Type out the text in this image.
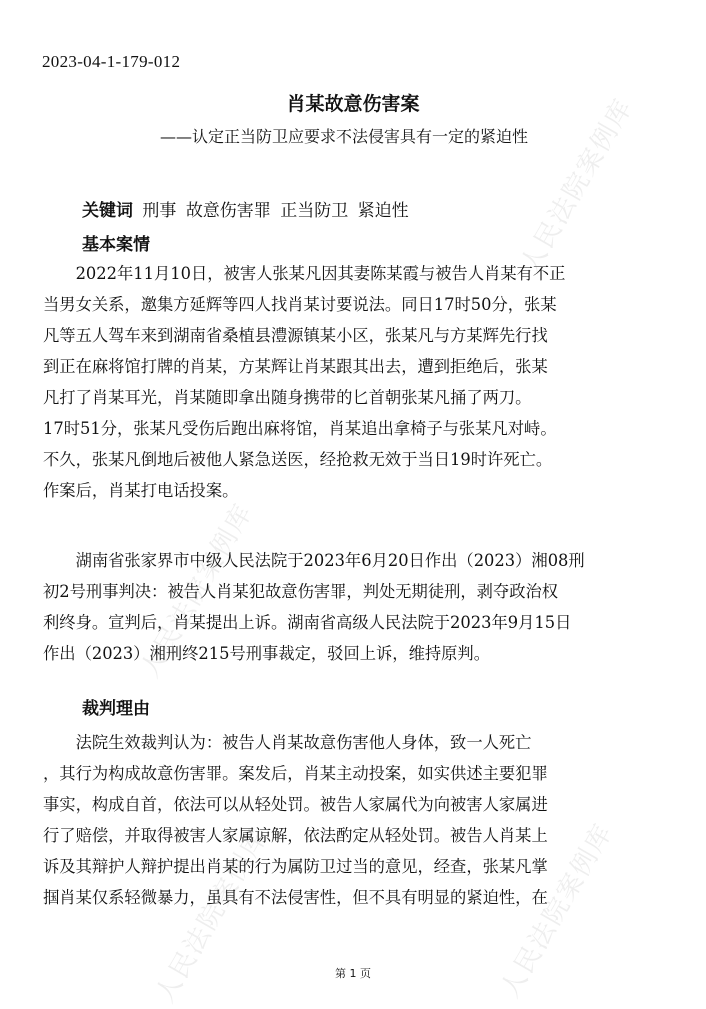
人民法院案例库
人民法院案例库
人民法院案例库
人民法院案例库
2023-04-1-179-012
肖某故意伤害案
——认定正当防卫应要求不法侵害具有一定的紧迫性
关键词 刑事 故意伤害罪 正当防卫 紧迫性
基本案情
　　2022年11月10日，被害人张某凡因其妻陈某霞与被告人肖某有不正
当男女关系，邀集方延辉等四人找肖某讨要说法。同日17时50分，张某
凡等五人驾车来到湖南省桑植县澧源镇某小区，张某凡与方某辉先行找
到正在麻将馆打牌的肖某，方某辉让肖某跟其出去，遭到拒绝后，张某
凡打了肖某耳光，肖某随即拿出随身携带的匕首朝张某凡捅了两刀。
17时51分，张某凡受伤后跑出麻将馆，肖某追出拿椅子与张某凡对峙。
不久，张某凡倒地后被他人紧急送医，经抢救无效于当日19时许死亡。
作案后，肖某打电话投案。
　　湖南省张家界市中级人民法院于2023年6月20日作出（2023）湘08刑
初2号刑事判决：被告人肖某犯故意伤害罪，判处无期徒刑，剥夺政治权
利终身。宣判后，肖某提出上诉。湖南省高级人民法院于2023年9月15日
作出（2023）湘刑终215号刑事裁定，驳回上诉，维持原判。
裁判理由
　　法院生效裁判认为：被告人肖某故意伤害他人身体，致一人死亡
，其行为构成故意伤害罪。案发后，肖某主动投案，如实供述主要犯罪
事实，构成自首，依法可以从轻处罚。被告人家属代为向被害人家属进
行了赔偿，并取得被害人家属谅解，依法酌定从轻处罚。被告人肖某上
诉及其辩护人辩护提出肖某的行为属防卫过当的意见，经查，张某凡掌
掴肖某仅系轻微暴力，虽具有不法侵害性，但不具有明显的紧迫性，在
第 1 页
